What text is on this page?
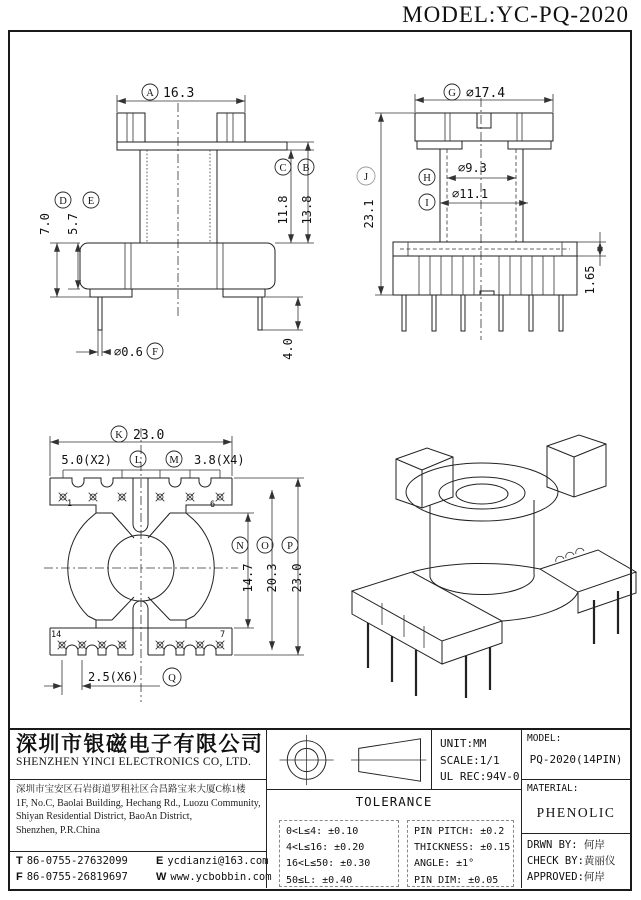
MODEL:YC-PQ-2020
A 16.3
D E
7.0 5.7
C B
11.8 13.8
⌀0.6 F	4.0
G ⌀17.4
H
⌀9.3
I
⌀11.1
J
23.1
1.65
1	6
14	7
K 23.0
5.0(X2) L	M 3.8(X4)
N O P
14.7 20.3 23.0
2.5(X6)	Q
深圳市银磁电子有限公司
SHENZHEN YINCI ELECTRONICS CO, LTD.
深圳市宝安区石岩街道罗租社区合昌路宝来大厦C栋1楼
1F, No.C, Baolai Building, Hechang Rd., Luozu Community,
Shiyan Residential District, BaoAn District,
Shenzhen, P.R.China
T 86-0755-27632099	E ycdianzi@163.com
F 86-0755-26819697	W www.ycbobbin.com
UNIT:MM
SCALE:1/1
UL REC:94V-0
TOLERANCE
0<L≤4: ±0.10
4<L≤16: ±0.20
16<L≤50: ±0.30
50≤L: ±0.40
PIN PITCH: ±0.2
THICKNESS: ±0.15
ANGLE: ±1°
PIN DIM: ±0.05
MODEL:
PQ-2020(14PIN)
MATERIAL:
PHENOLIC
DRWN BY: 何岸
CHECK BY:黄丽仪
APPROVED:何岸
